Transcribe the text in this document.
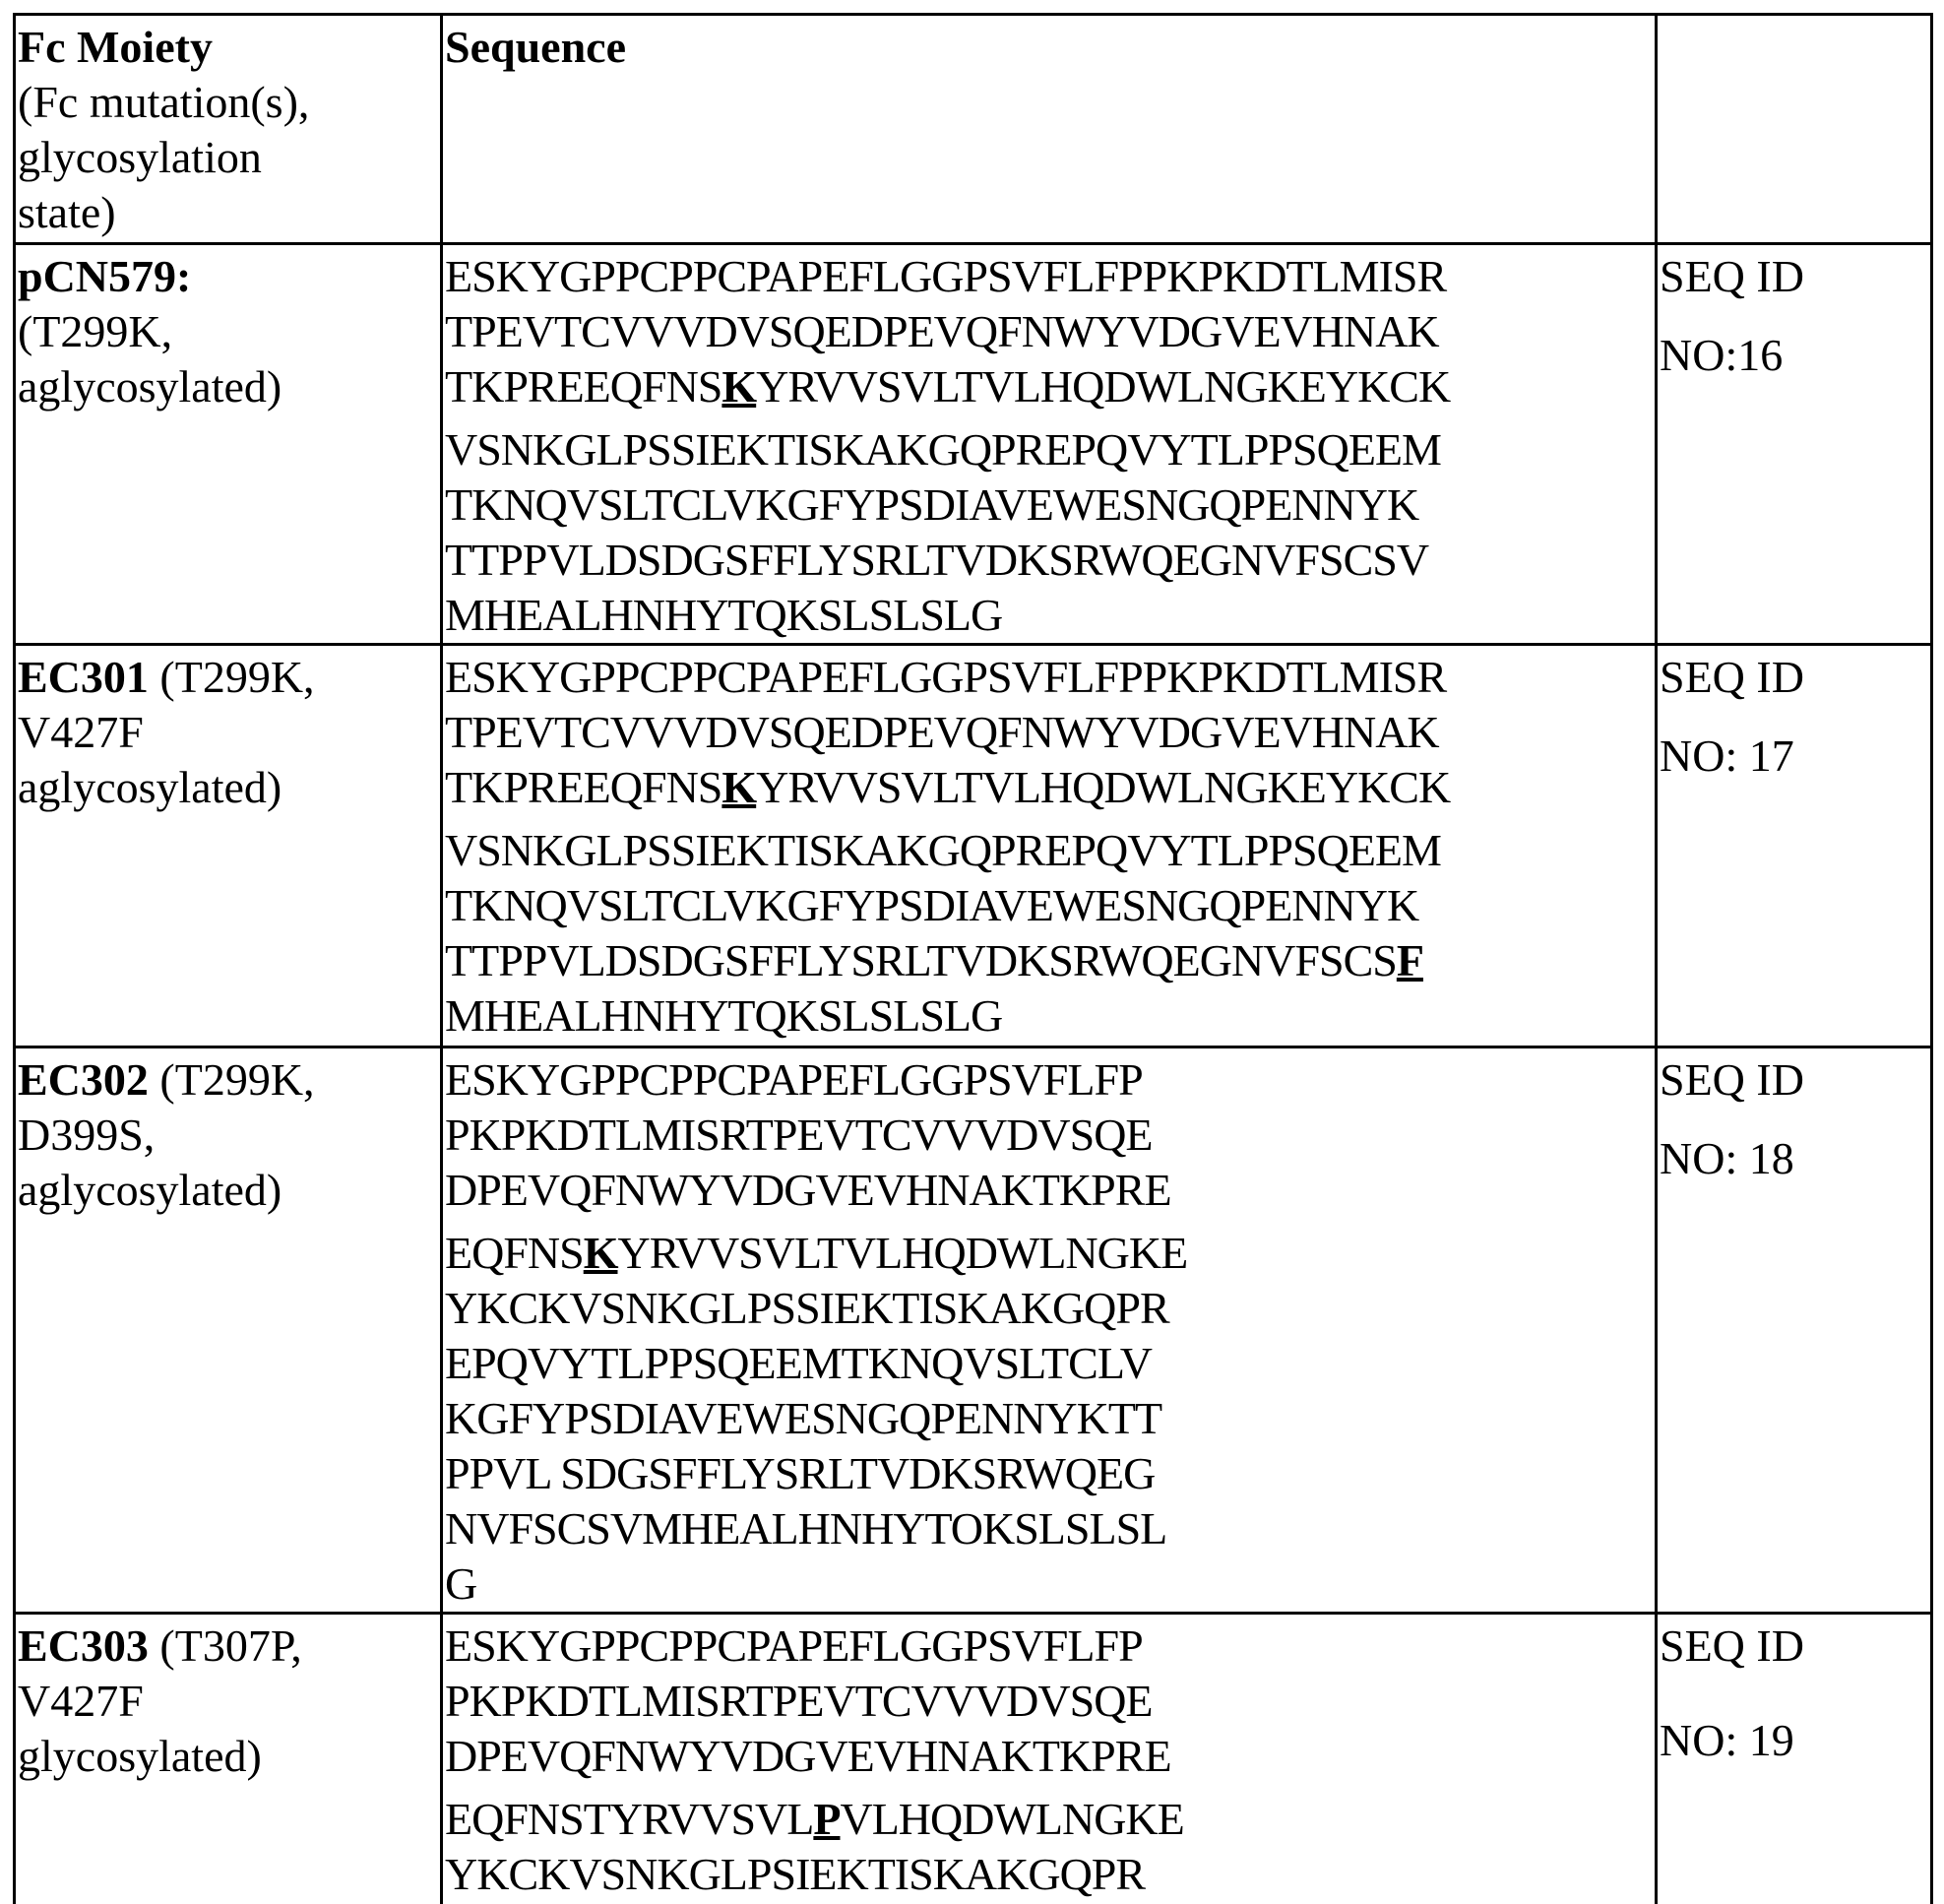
Fc Moiety
(Fc mutation(s),
glycosylation
state)

Sequence

pCN579:
(T299K,
aglycosylated)

ESKYGPPCPPCPAPEFLGGPSVFLFPPKPKDTLMISR
TPEVTCVVVDVSQEDPEVQFNWYVDGVEVHNAK
TKPREEQFNSKYRVVSVLTVLHQDWLNGKEYKCK
VSNKGLPSSIEKTISKAKGQPREPQVYTLPPSQEEM
TKNQVSLTCLVKGFYPSDIAVEWESNGQPENNYK
TTPPVLDSDGSFFLYSRLTVDKSRWQEGNVFSCSV
MHEALHNHYTQKSLSLSLG

SEQ ID
NO:16

EC301 (T299K,
V427F
aglycosylated)

ESKYGPPCPPCPAPEFLGGPSVFLFPPKPKDTLMISR
TPEVTCVVVDVSQEDPEVQFNWYVDGVEVHNAK
TKPREEQFNSKYRVVSVLTVLHQDWLNGKEYKCK
VSNKGLPSSIEKTISKAKGQPREPQVYTLPPSQEEM
TKNQVSLTCLVKGFYPSDIAVEWESNGQPENNYK
TTPPVLDSDGSFFLYSRLTVDKSRWQEGNVFSCSF
MHEALHNHYTQKSLSLSLG

SEQ ID
NO: 17

EC302 (T299K,
D399S,
aglycosylated)

ESKYGPPCPPCPAPEFLGGPSVFLFP
PKPKDTLMISRTPEVTCVVVDVSQE
DPEVQFNWYVDGVEVHNAKTKPRE
EQFNSKYRVVSVLTVLHQDWLNGKE
YKCKVSNKGLPSSIEKTISKAKGQPR
EPQVYTLPPSQEEMTKNQVSLTCLV
KGFYPSDIAVEWESNGQPENNYKTT
PPVL SDGSFFLYSRLTVDKSRWQEG
NVFSCSVMHEALHNHYTOKSLSLSL
G

SEQ ID
NO: 18

EC303 (T307P,
V427F
glycosylated)

ESKYGPPCPPCPAPEFLGGPSVFLFP
PKPKDTLMISRTPEVTCVVVDVSQE
DPEVQFNWYVDGVEVHNAKTKPRE
EQFNSTYRVVSVLPVLHQDWLNGKE
YKCKVSNKGLPSIEKTISKAKGQPR

SEQ ID
NO: 19
